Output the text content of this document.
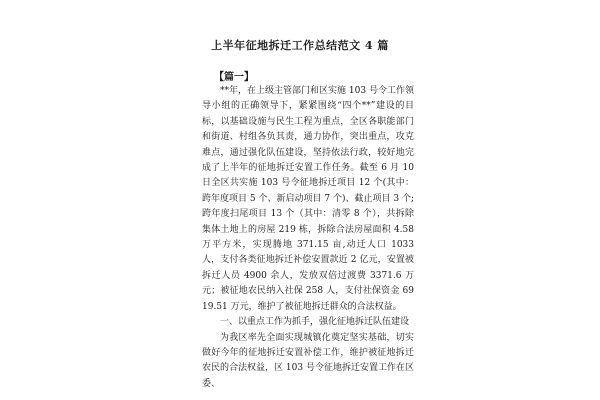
上半年征地拆迁工作总结范文 4 篇
【篇一】

**年，在上级主管部门和区实施 103 号令工作领导小组的正确领导下，紧紧围绕“四个**”建设的目标，以基础设施与民生工程为重点，全区各职能部门和街道、村组各负其责，通力协作，突出重点，攻克难点，通过强化队伍建设，坚持依法行政，较好地完成了上半年的征地拆迁安置工作任务。截至 6 月 10 日全区共实施 103 号令征地拆迁项目 12 个(其中：跨年度项目 5 个、新启动项目 7 个)、截止项目 3 个;跨年度扫尾项目 13 个（其中：清零 8 个），共拆除集体土地上的房屋 219 栋，拆除合法房屋面积 4.58 万平方米，实现腾地 371.15 亩,动迁人口 1033 人，支付各类征地拆迁补偿安置款近 2 亿元，安置被拆迁人员 4900 余人，发放双倍过渡费 3371.6 万元；被征地农民纳入社保 258 人，支付社保资金 6919.51 万元，维护了被征地拆迁群众的合法权益。

一、以重点工作为抓手，强化征地拆迁队伍建设

为我区率先全面实现城镇化奠定坚实基础，切实做好今年的征地拆迁安置补偿工作，维护被征地拆迁农民的合法权益，区 103 号令征地拆迁安置工作在区委、
